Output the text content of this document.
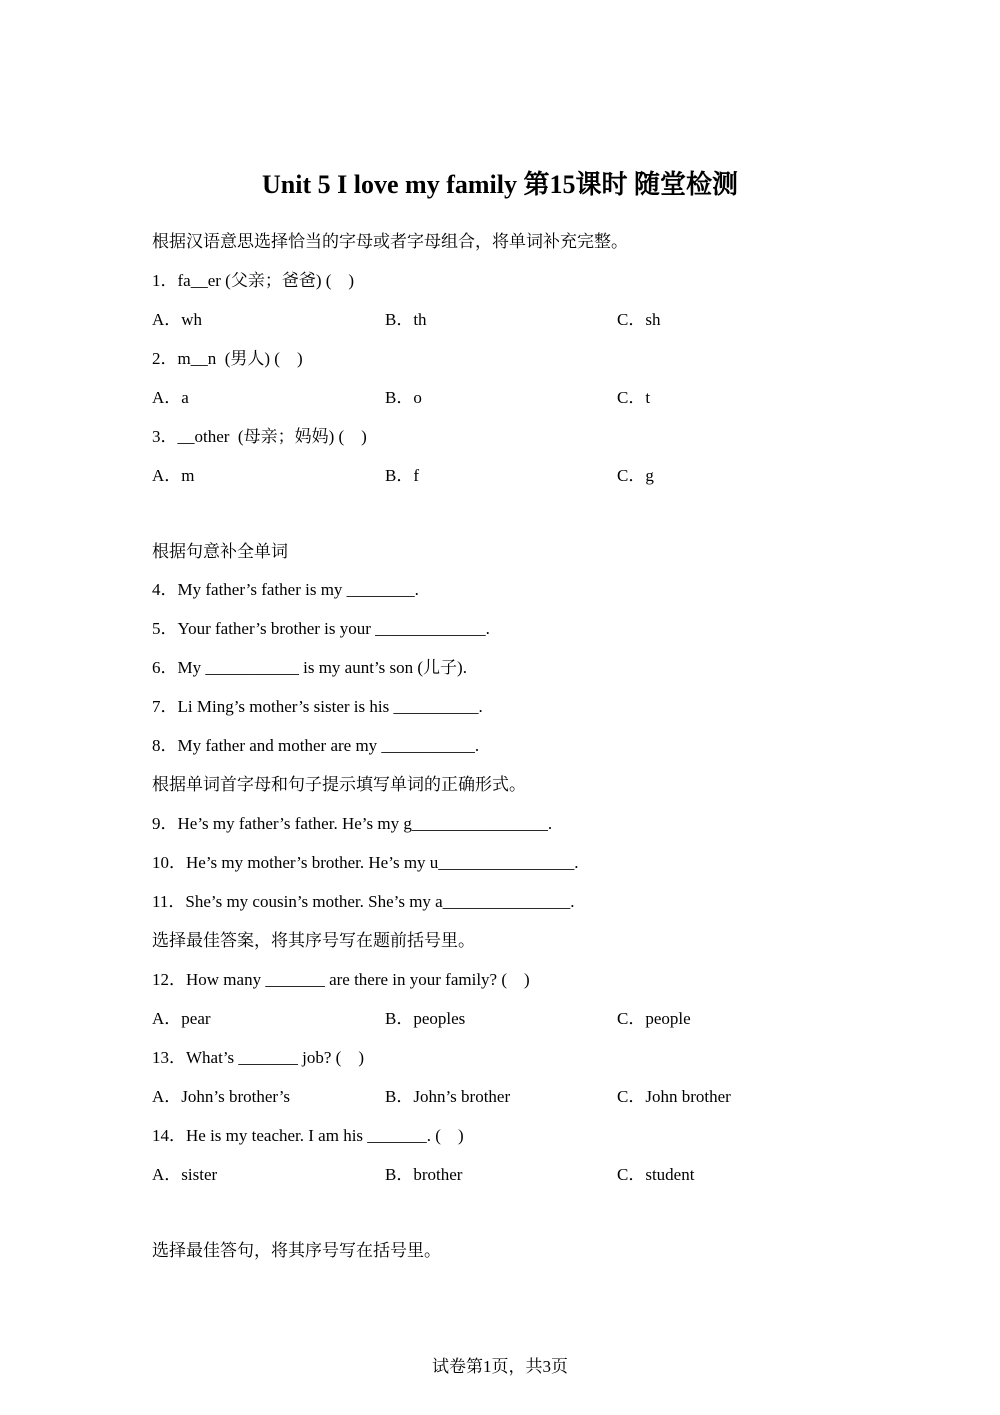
Unit 5 I love my family 第15课时 随堂检测
根据汉语意思选择恰当的字母或者字母组合，将单词补充完整。
1．fa__er (父亲；爸爸) (    )
A．wh	B．th	C．sh
2．m__n  (男人) (    )
A．a	B．o	C．t
3．__other  (母亲；妈妈) (    )
A．m	B．f	C．g
根据句意补全单词
4．My father’s father is my ________.
5．Your father’s brother is your _____________.
6．My ___________ is my aunt’s son (儿子).
7．Li Ming’s mother’s sister is his __________.
8．My father and mother are my ___________.
根据单词首字母和句子提示填写单词的正确形式。
9．He’s my father’s father. He’s my g________________.
10．He’s my mother’s brother. He’s my u________________.
11．She’s my cousin’s mother. She’s my a_______________.
选择最佳答案，将其序号写在题前括号里。
12．How many _______ are there in your family? (    )
A．pear	B．peoples	C．people
13．What’s _______ job? (    )
A．John’s brother’s	B．John’s brother	C．John brother
14．He is my teacher. I am his _______. (    )
A．sister	B．brother	C．student
选择最佳答句，将其序号写在括号里。
试卷第1页，共3页
